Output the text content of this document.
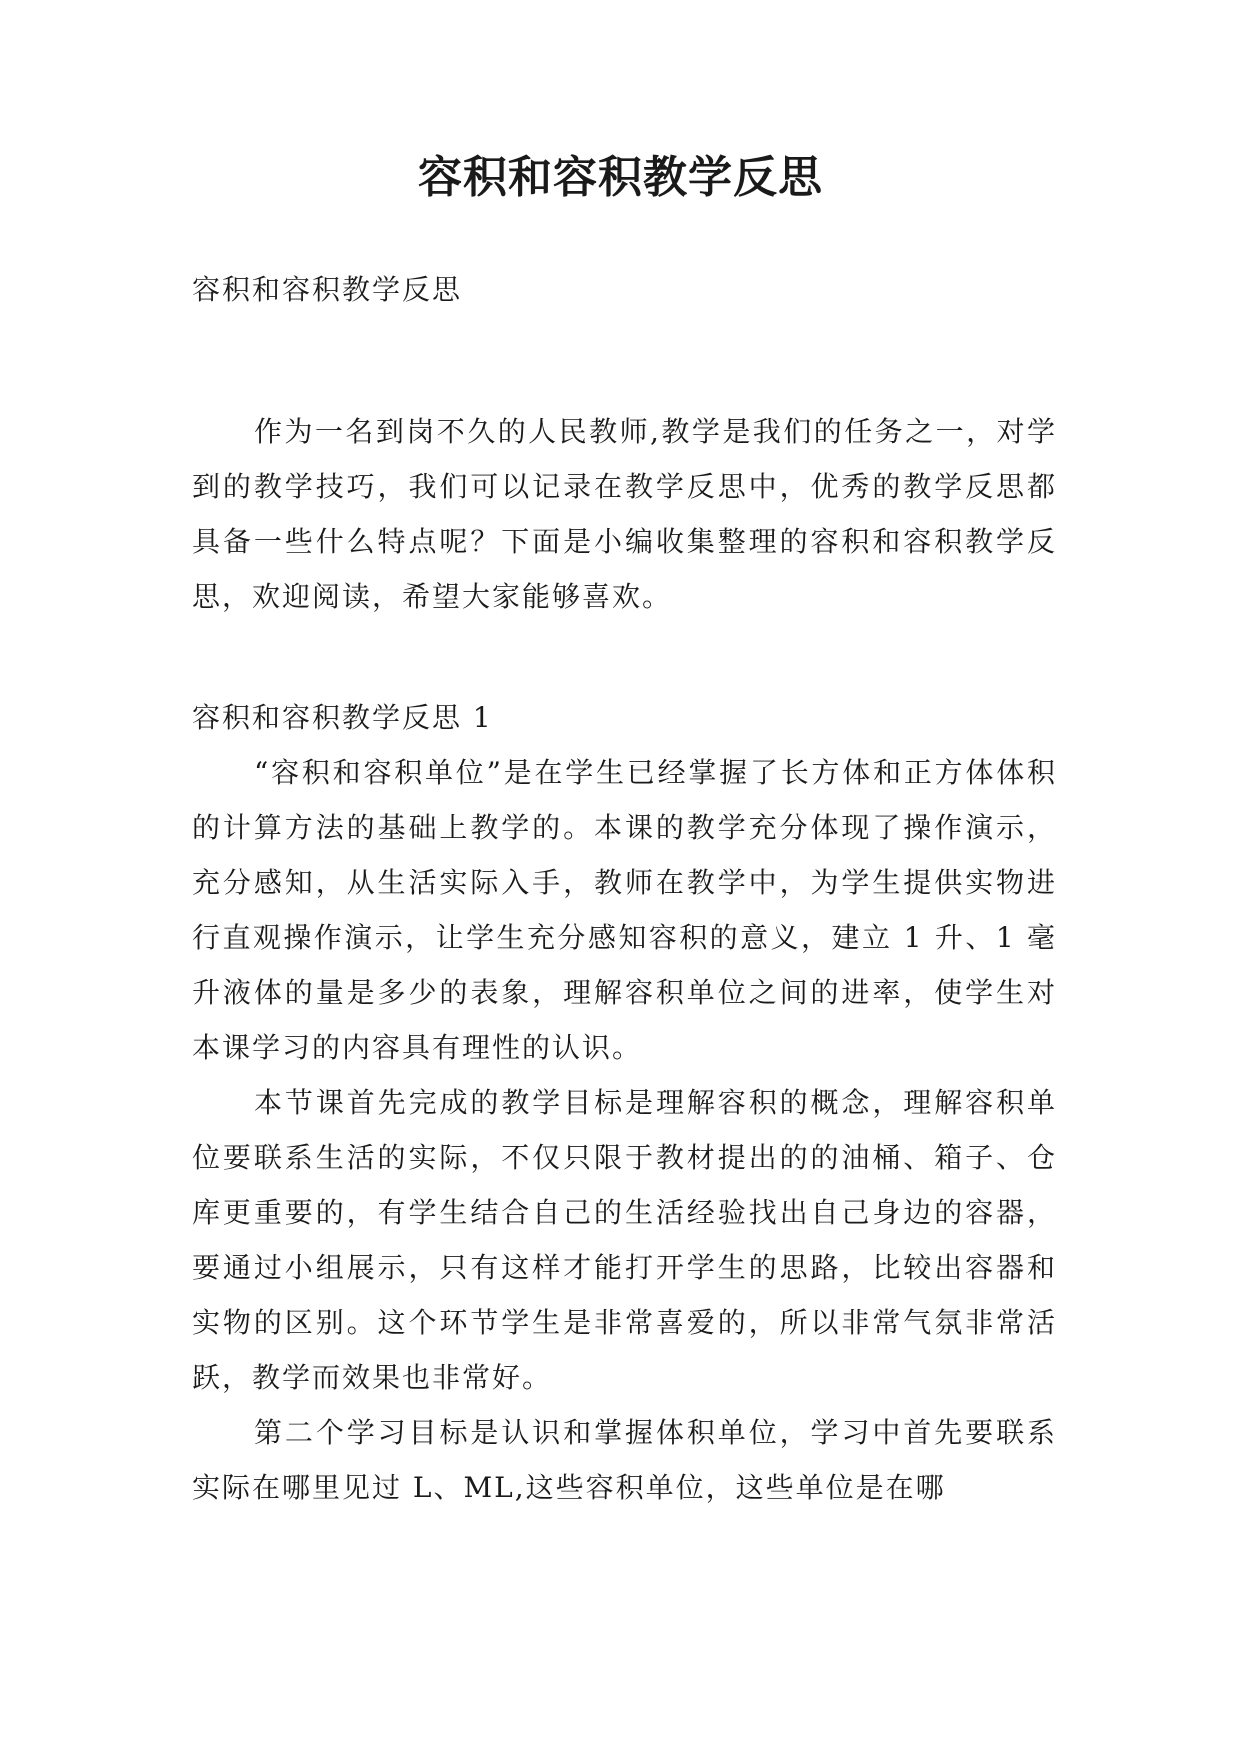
容积和容积教学反思

容积和容积教学反思

作为一名到岗不久的人民教师,教学是我们的任务之一，对学到的教学技巧，我们可以记录在教学反思中，优秀的教学反思都具备一些什么特点呢？下面是小编收集整理的容积和容积教学反思，欢迎阅读，希望大家能够喜欢。

容积和容积教学反思 1

“容积和容积单位”是在学生已经掌握了长方体和正方体体积的计算方法的基础上教学的。本课的教学充分体现了操作演示，充分感知，从生活实际入手，教师在教学中，为学生提供实物进行直观操作演示，让学生充分感知容积的意义，建立 1 升、1 毫升液体的量是多少的表象，理解容积单位之间的进率，使学生对本课学习的内容具有理性的认识。

本节课首先完成的教学目标是理解容积的概念，理解容积单位要联系生活的实际，不仅只限于教材提出的的油桶、箱子、仓库更重要的，有学生结合自己的生活经验找出自己身边的容器，要通过小组展示，只有这样才能打开学生的思路，比较出容器和实物的区别。这个环节学生是非常喜爱的，所以非常气氛非常活跃，教学而效果也非常好。

第二个学习目标是认识和掌握体积单位，学习中首先要联系实际在哪里见过 L、ML,这些容积单位，这些单位是在哪
